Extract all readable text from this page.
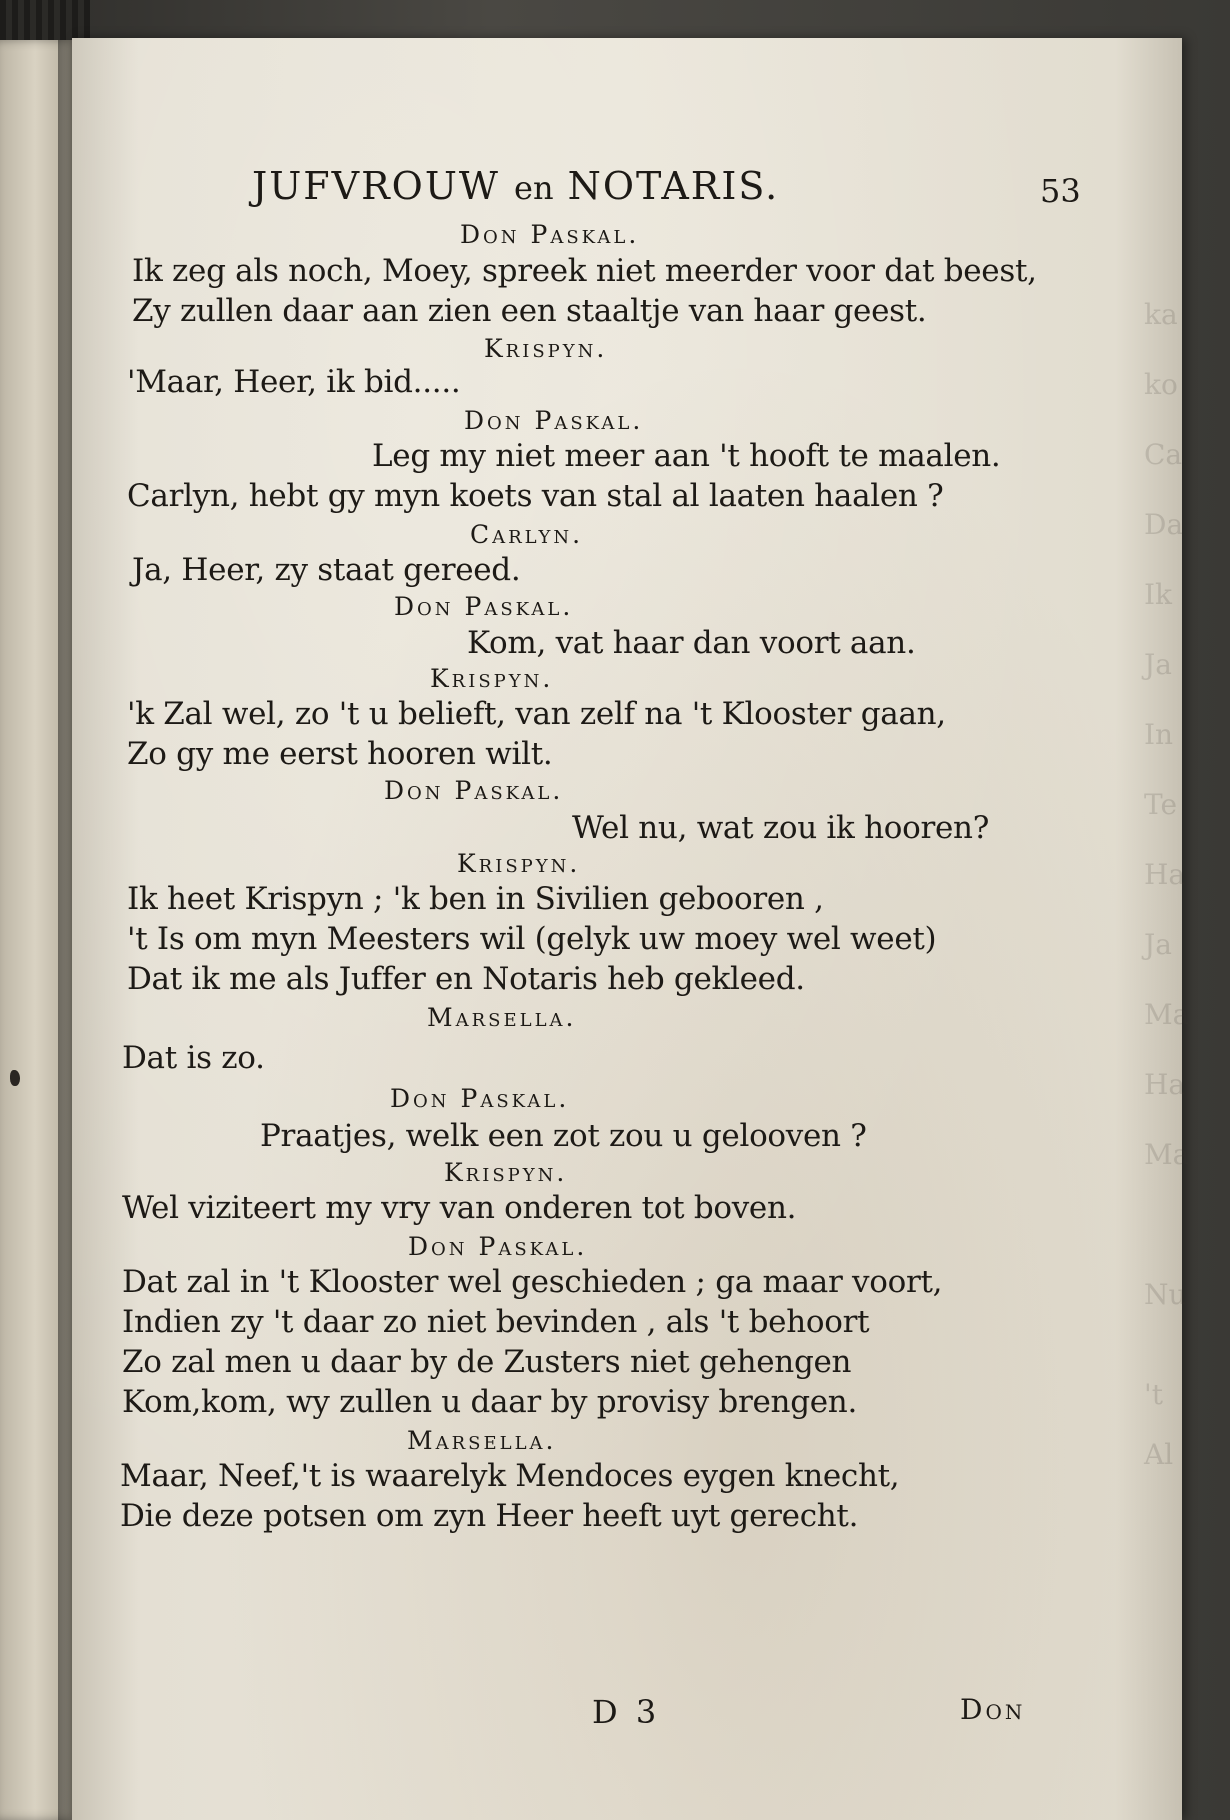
ka
ko
Ca
Da
Ik
Ja
In
Te
Ha
Ja
Ma
Ha
Ma
Nu
't
Al
JUFVROUW en NOTARIS.	53
Don Paskal.
Ik zeg als noch, Moey, spreek niet meerder voor dat beest,
Zy zullen daar aan zien een staaltje van haar geest.
Krispyn.
'Maar, Heer, ik bid.....
Don Paskal.
Leg my niet meer aan 't hooft te maalen.
Carlyn, hebt gy myn koets van stal al laaten haalen ?
Carlyn.
Ja, Heer, zy staat gereed.
Don Paskal.
Kom, vat haar dan voort aan.
Krispyn.
'k Zal wel, zo 't u belieft, van zelf na 't Klooster gaan,
Zo gy me eerst hooren wilt.
Don Paskal.
Wel nu, wat zou ik hooren?
Krispyn.
Ik heet Krispyn ; 'k ben in Sivilien gebooren ,
't Is om myn Meesters wil (gelyk uw moey wel weet)
Dat ik me als Juffer en Notaris heb gekleed.
Marsella.
Dat is zo.
Don Paskal.
Praatjes, welk een zot zou u gelooven ?
Krispyn.
Wel viziteert my vry van onderen tot boven.
Don Paskal.
Dat zal in 't Klooster wel geschieden ; ga maar voort,
Indien zy 't daar zo niet bevinden , als 't behoort
Zo zal men u daar by de Zusters niet gehengen
Kom,kom, wy zullen u daar by provisy brengen.
Marsella.
Maar, Neef,'t is waarelyk Mendoces eygen knecht,
Die deze potsen om zyn Heer heeft uyt gerecht.
D 3	Don
